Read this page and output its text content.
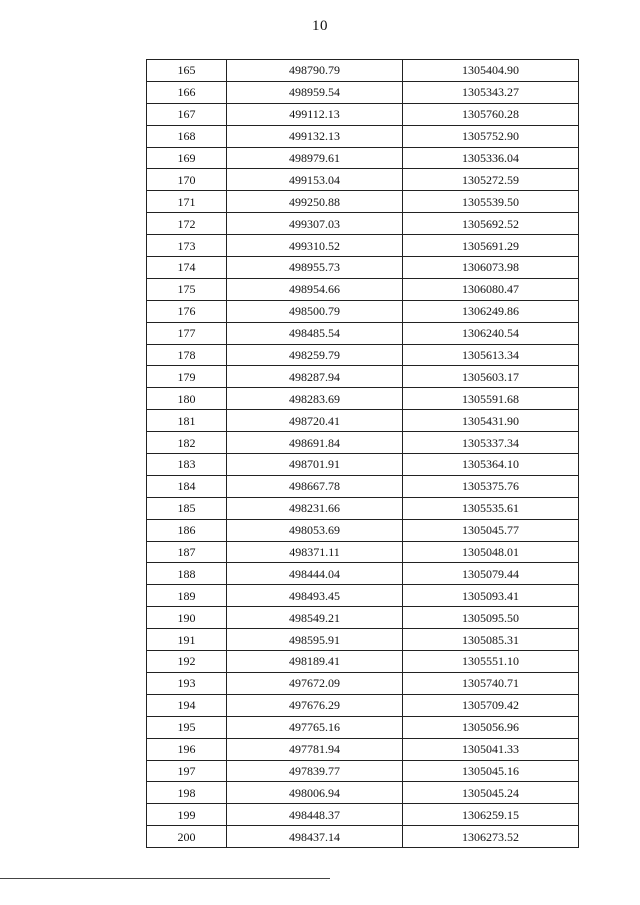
10
165	498790.79	1305404.90
166	498959.54	1305343.27
167	499112.13	1305760.28
168	499132.13	1305752.90
169	498979.61	1305336.04
170	499153.04	1305272.59
171	499250.88	1305539.50
172	499307.03	1305692.52
173	499310.52	1305691.29
174	498955.73	1306073.98
175	498954.66	1306080.47
176	498500.79	1306249.86
177	498485.54	1306240.54
178	498259.79	1305613.34
179	498287.94	1305603.17
180	498283.69	1305591.68
181	498720.41	1305431.90
182	498691.84	1305337.34
183	498701.91	1305364.10
184	498667.78	1305375.76
185	498231.66	1305535.61
186	498053.69	1305045.77
187	498371.11	1305048.01
188	498444.04	1305079.44
189	498493.45	1305093.41
190	498549.21	1305095.50
191	498595.91	1305085.31
192	498189.41	1305551.10
193	497672.09	1305740.71
194	497676.29	1305709.42
195	497765.16	1305056.96
196	497781.94	1305041.33
197	497839.77	1305045.16
198	498006.94	1305045.24
199	498448.37	1306259.15
200	498437.14	1306273.52
